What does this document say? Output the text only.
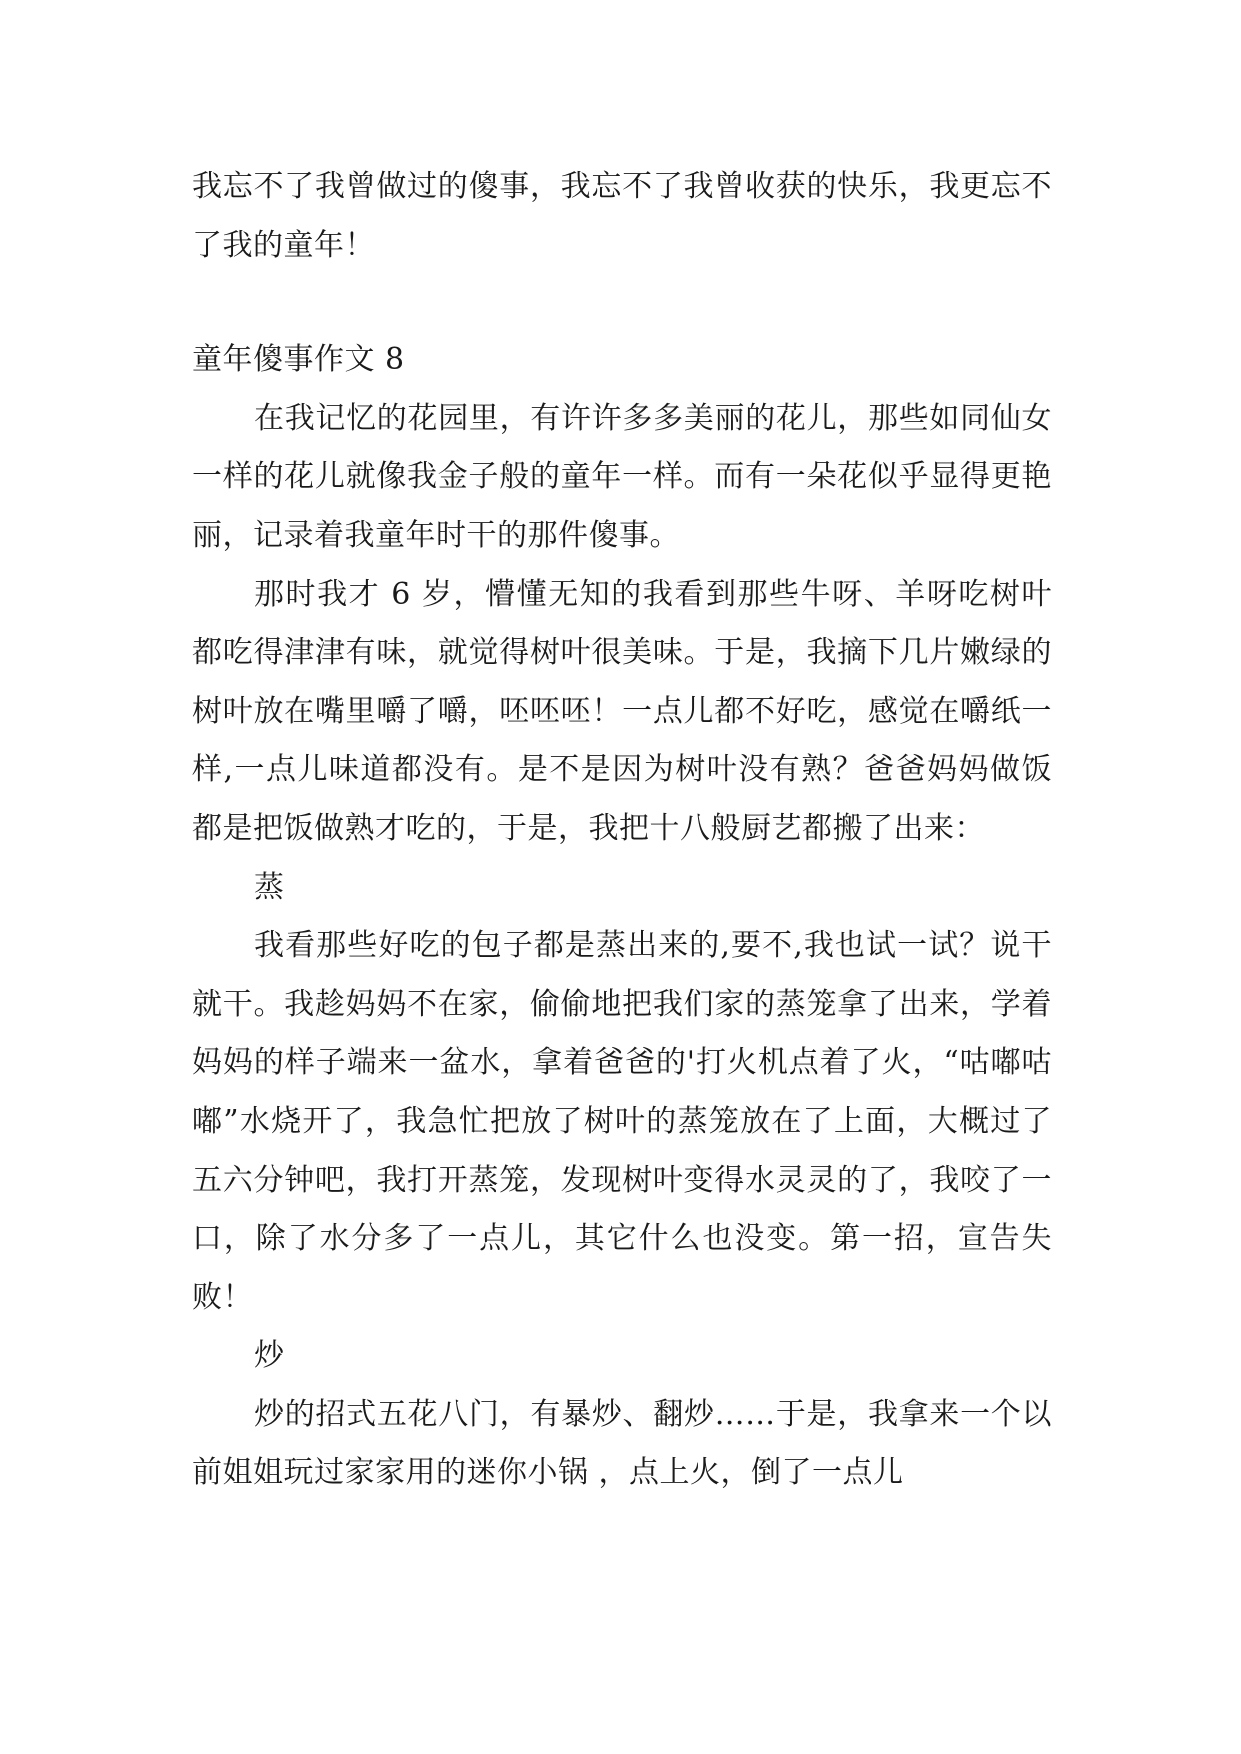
我忘不了我曾做过的傻事，我忘不了我曾收获的快乐，我更忘不了我的童年！

童年傻事作文 8

在我记忆的花园里，有许许多多美丽的花儿，那些如同仙女一样的花儿就像我金子般的童年一样。而有一朵花似乎显得更艳丽，记录着我童年时干的那件傻事。

那时我才 6 岁，懵懂无知的我看到那些牛呀、羊呀吃树叶都吃得津津有味，就觉得树叶很美味。于是，我摘下几片嫩绿的树叶放在嘴里嚼了嚼，呸呸呸！一点儿都不好吃，感觉在嚼纸一样,一点儿味道都没有。是不是因为树叶没有熟？爸爸妈妈做饭都是把饭做熟才吃的，于是，我把十八般厨艺都搬了出来：

蒸

我看那些好吃的包子都是蒸出来的,要不,我也试一试？说干就干。我趁妈妈不在家，偷偷地把我们家的蒸笼拿了出来，学着妈妈的样子端来一盆水，拿着爸爸的'打火机点着了火，“咕嘟咕嘟”水烧开了，我急忙把放了树叶的蒸笼放在了上面，大概过了五六分钟吧，我打开蒸笼，发现树叶变得水灵灵的了，我咬了一口，除了水分多了一点儿，其它什么也没变。第一招，宣告失败！

炒

炒的招式五花八门，有暴炒、翻炒……于是，我拿来一个以前姐姐玩过家家用的迷你小锅 ，点上火，倒了一点儿
